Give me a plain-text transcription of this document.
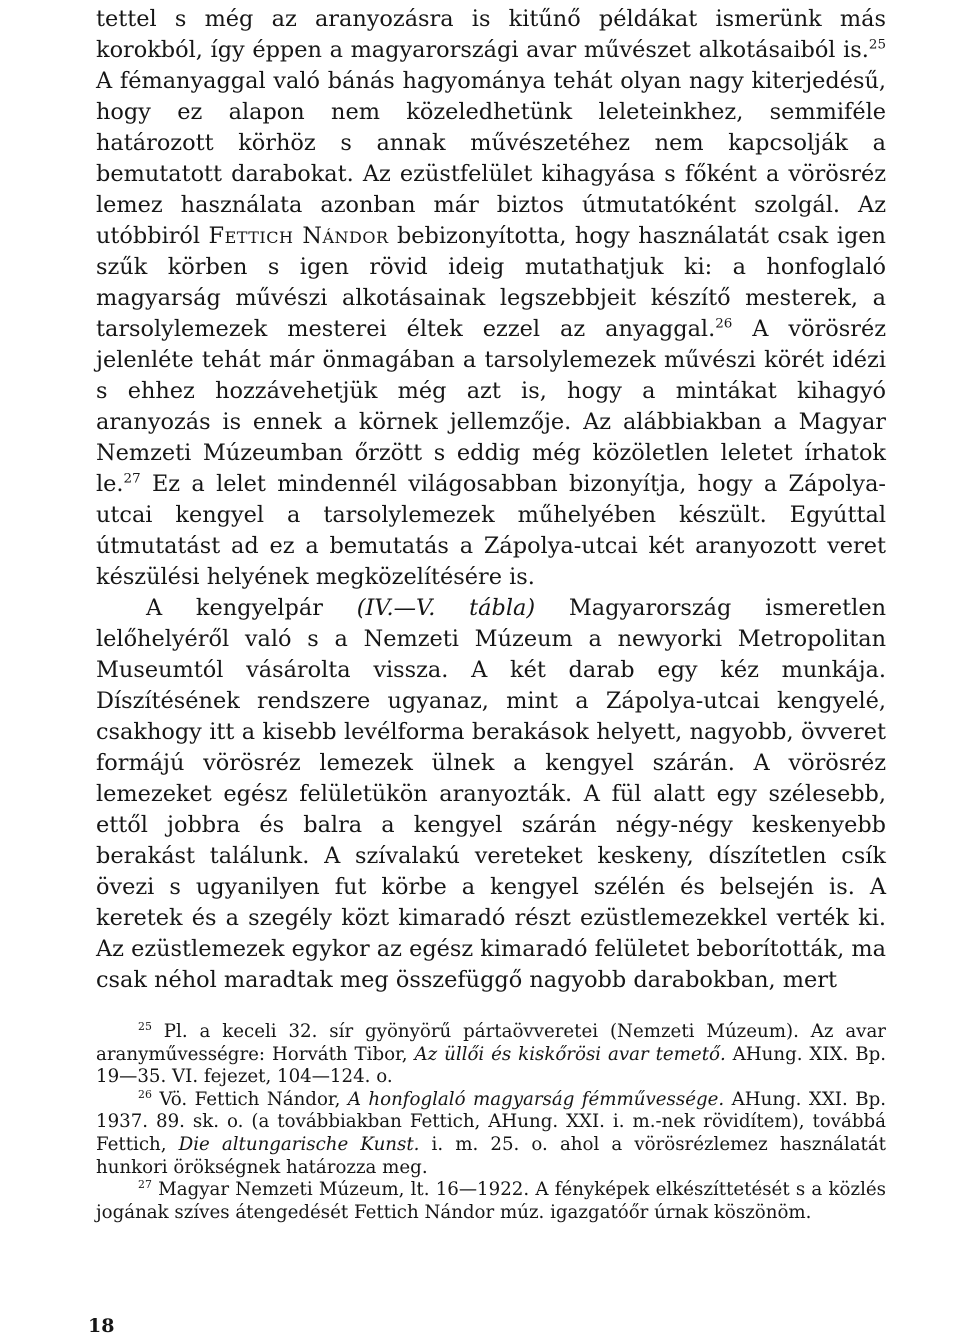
tettel s még az aranyozásra is kitűnő példákat ismerünk más korokból, így éppen a magyarországi avar művészet alkotásaiból is.$^{25}$ A fémanyaggal való bánás hagyománya tehát olyan nagy kiterjedésű, hogy ez alapon nem közeledhetünk leleteinkhez, semmiféle határozott körhöz s annak művészetéhez nem kapcsolják a bemutatott darabokat. Az ezüstfelület kihagyása s főként a vörösréz lemez használata azonban már biztos útmutatóként szolgál. Az utóbbiról Fettich Nándor bebizonyította, hogy használatát csak igen szűk körben s igen rövid ideig mutathatjuk ki: a honfoglaló magyarság művészi alkotásainak legszebbjeit készítő mesterek, a tarsolylemezek mesterei éltek ezzel az anyaggal.$^{26}$ A vörösréz jelenléte tehát már önmagában a tarsolylemezek művészi körét idézi s ehhez hozzávehetjük még azt is, hogy a mintákat kihagyó aranyozás is ennek a körnek jellemzője. Az alábbiakban a Magyar Nemzeti Múzeumban őrzött s eddig még közöletlen leletet írhatok le.$^{27}$ Ez a lelet mindennél világosabban bizonyítja, hogy a Zápolya-utcai kengyel a tarsolylemezek műhelyében készült. Egyúttal útmutatást ad ez a bemutatás a Zápolya-utcai két aranyozott veret készülési helyének megközelítésére is.

A kengyelpár (IV.—V. tábla) Magyarország ismeretlen lelőhelyéről való s a Nemzeti Múzeum a newyorki Metropolitan Museumtól vásárolta vissza. A két darab egy kéz munkája. Díszítésének rendszere ugyanaz, mint a Zápolya-utcai kengyelé, csakhogy itt a kisebb levélforma berakások helyett, nagyobb, övveret formájú vörösréz lemezek ülnek a kengyel szárán. A vörösréz lemezeket egész felületükön aranyozták. A fül alatt egy szélesebb, ettől jobbra és balra a kengyel szárán négy-négy keskenyebb berakást találunk. A szívalakú vereteket keskeny, díszítetlen csík övezi s ugyanilyen fut körbe a kengyel szélén és belsején is. A keretek és a szegély közt kimaradó részt ezüstlemezekkel verték ki. Az ezüstlemezek egykor az egész kimaradó felületet beborították, ma csak néhol maradtak meg összefüggő nagyobb darabokban, mert

$^{25}$ Pl. a keceli 32. sír gyönyörű pártaövveretei (Nemzeti Múzeum). Az avar aranyművességre: Horváth Tibor, Az üllői és kiskőrösi avar temető. AHung. XIX. Bp. 19—35. VI. fejezet, 104—124. o.

$^{26}$ Vö. Fettich Nándor, A honfoglaló magyarság fémművessége. AHung. XXI. Bp. 1937. 89. sk. o. (a továbbiakban Fettich, AHung. XXI. i. m.-nek rövidítem), továbbá Fettich, Die altungarische Kunst. i. m. 25. o. ahol a vörösrézlemez használatát hunkori örökségnek határozza meg.

$^{27}$ Magyar Nemzeti Múzeum, lt. 16—1922. A fényképek elkészíttetését s a közlés jogának szíves átengedését Fettich Nándor múz. igazgatóőr úrnak köszönöm.

18
